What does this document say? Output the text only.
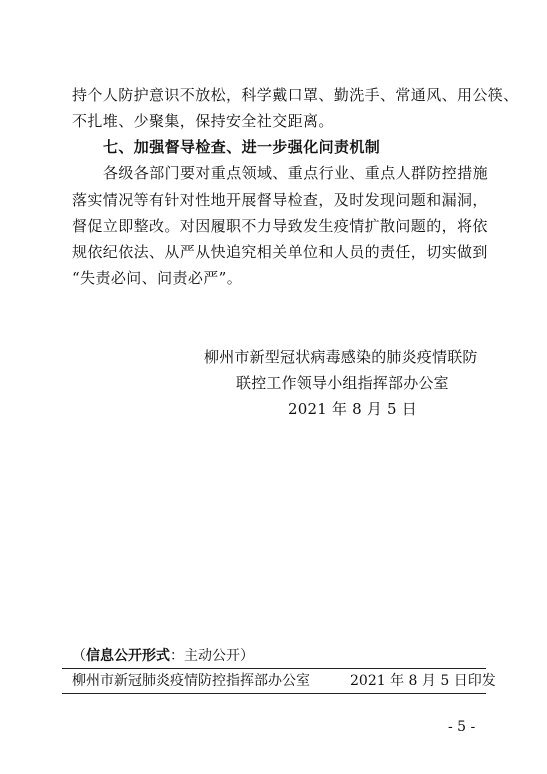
持个人防护意识不放松，科学戴口罩、勤洗手、常通风、用公筷、
不扎堆、少聚集，保持安全社交距离。
七、加强督导检查、进一步强化问责机制
各级各部门要对重点领域、重点行业、重点人群防控措施
落实情况等有针对性地开展督导检查，及时发现问题和漏洞，
督促立即整改。对因履职不力导致发生疫情扩散问题的，将依
规依纪依法、从严从快追究相关单位和人员的责任，切实做到
“失责必问、问责必严”。
柳州市新型冠状病毒感染的肺炎疫情联防
联控工作领导小组指挥部办公室
2021 年 8 月 5 日
（信息公开形式：主动公开）
柳州市新冠肺炎疫情防控指挥部办公室	2021 年 8 月 5 日印发
- 5 -
